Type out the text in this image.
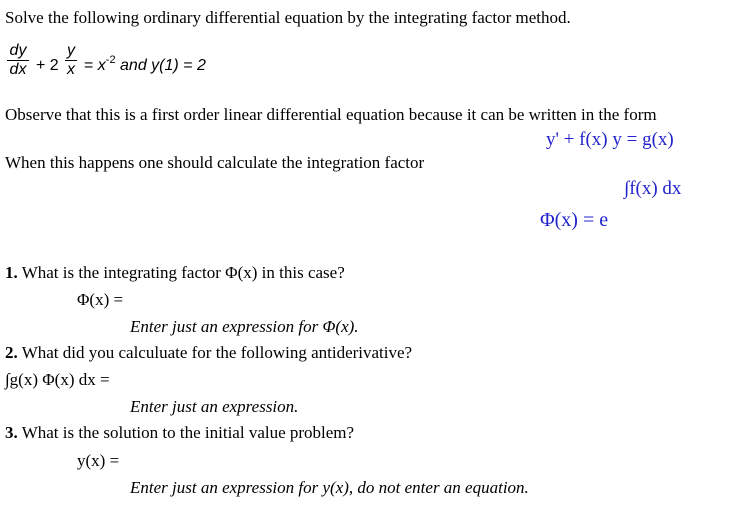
Solve the following ordinary differential equation by the integrating factor method.
dy
dx + 2
y
$x = x^{-2}$ and y(1) = 2
Observe that this is a first order linear differential equation because it can be written in the form
y' + f(x) y = g(x)
When this happens one should calculate the integration factor
∫f(x) dx
Φ(x) = e
1. What is the integrating factor Φ(x) in this case?
Φ(x) =
Enter just an expression for Φ(x).
2. What did you calculuate for the following antiderivative?
∫g(x) Φ(x) dx =
Enter just an expression.
3. What is the solution to the initial value problem?
y(x) =
Enter just an expression for y(x), do not enter an equation.
